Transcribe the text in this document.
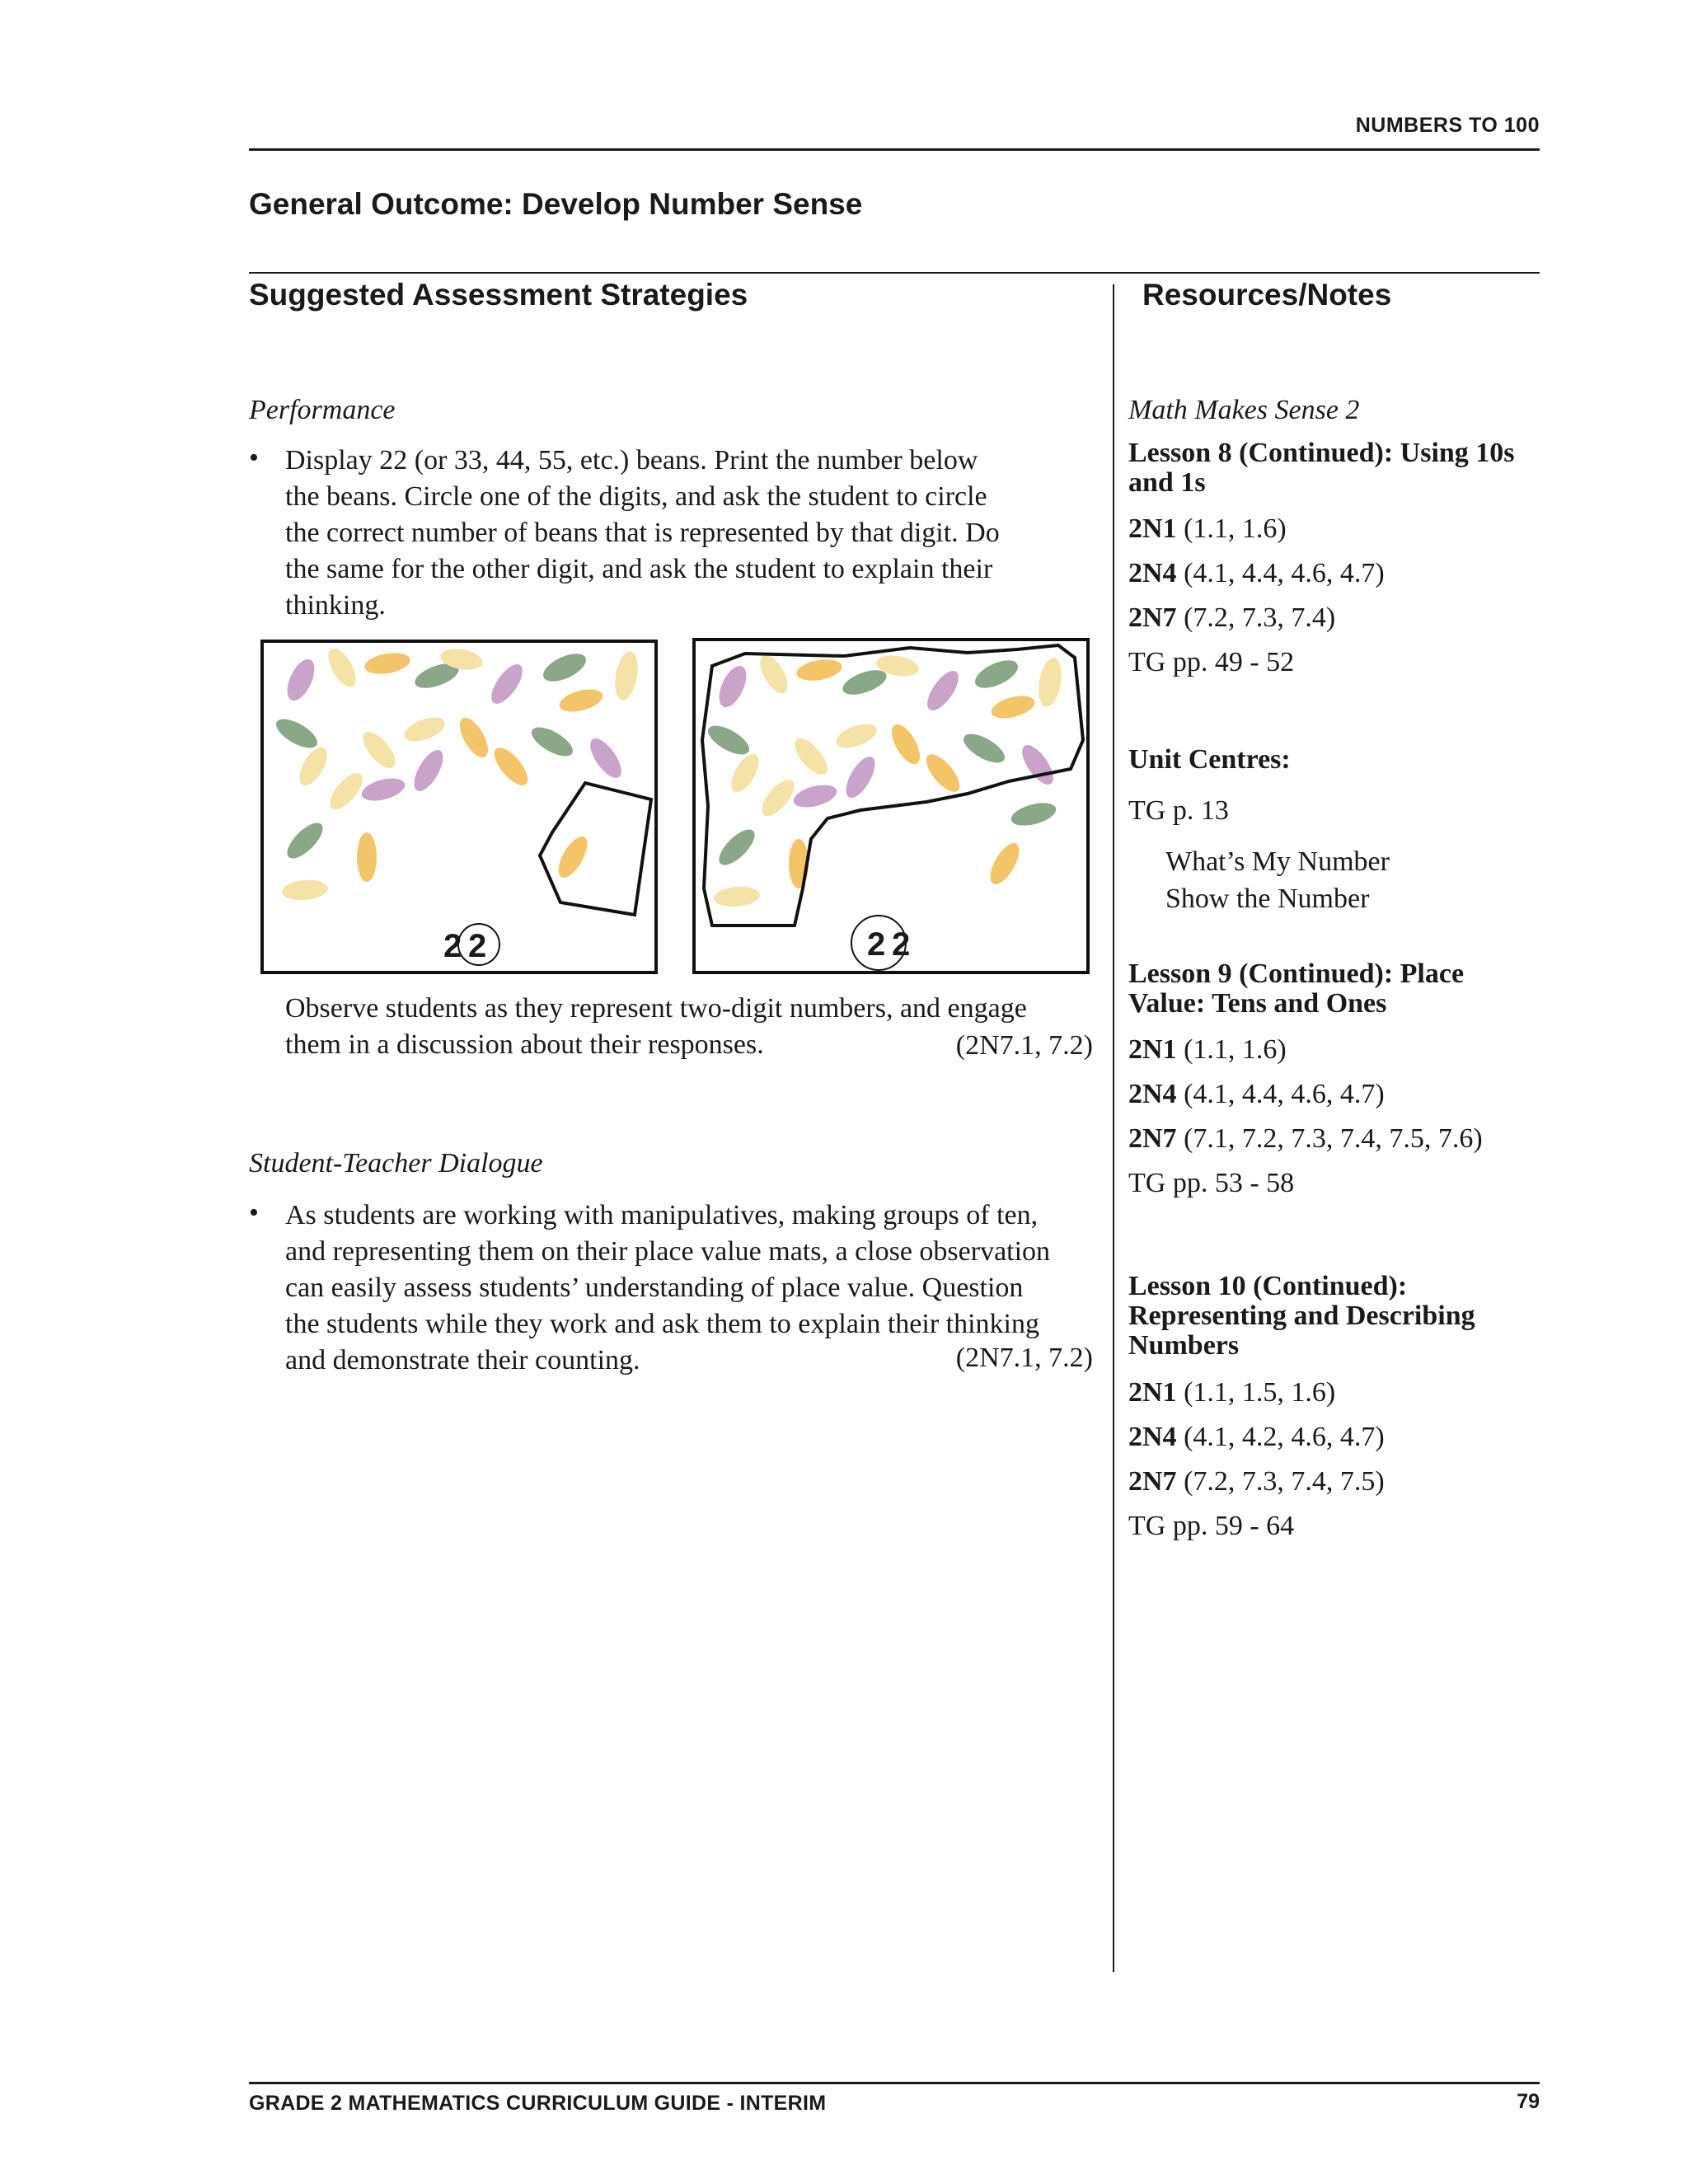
NUMBERS TO 100
General Outcome: Develop Number Sense
Suggested Assessment Strategies	Resources/Notes
Performance
• Display 22 (or 33, 44, 55, etc.) beans. Print the number below
the beans. Circle one of the digits, and ask the student to circle
the correct number of beans that is represented by that digit. Do
the same for the other digit, and ask the student to explain their
thinking.
2 2	2 2
Observe students as they represent two-digit numbers, and engage
them in a discussion about their responses.	(2N7.1, 7.2)
Student-Teacher Dialogue
• As students are working with manipulatives, making groups of ten,
and representing them on their place value mats, a close observation
can easily assess students’ understanding of place value. Question
the students while they work and ask them to explain their thinking
and demonstrate their counting.	(2N7.1, 7.2)
Math Makes Sense 2
Lesson 8 (Continued): Using 10s
and 1s
2N1 (1.1, 1.6)
2N4 (4.1, 4.4, 4.6, 4.7)
2N7 (7.2, 7.3, 7.4)
TG pp. 49 - 52
Unit Centres:
TG p. 13
What’s My Number
Show the Number
Lesson 9 (Continued): Place
Value: Tens and Ones
2N1 (1.1, 1.6)
2N4 (4.1, 4.4, 4.6, 4.7)
2N7 (7.1, 7.2, 7.3, 7.4, 7.5, 7.6)
TG pp. 53 - 58
Lesson 10 (Continued):
Representing and Describing
Numbers
2N1 (1.1, 1.5, 1.6)
2N4 (4.1, 4.2, 4.6, 4.7)
2N7 (7.2, 7.3, 7.4, 7.5)
TG pp. 59 - 64
GRADE 2 MATHEMATICS CURRICULUM GUIDE - INTERIM	79
